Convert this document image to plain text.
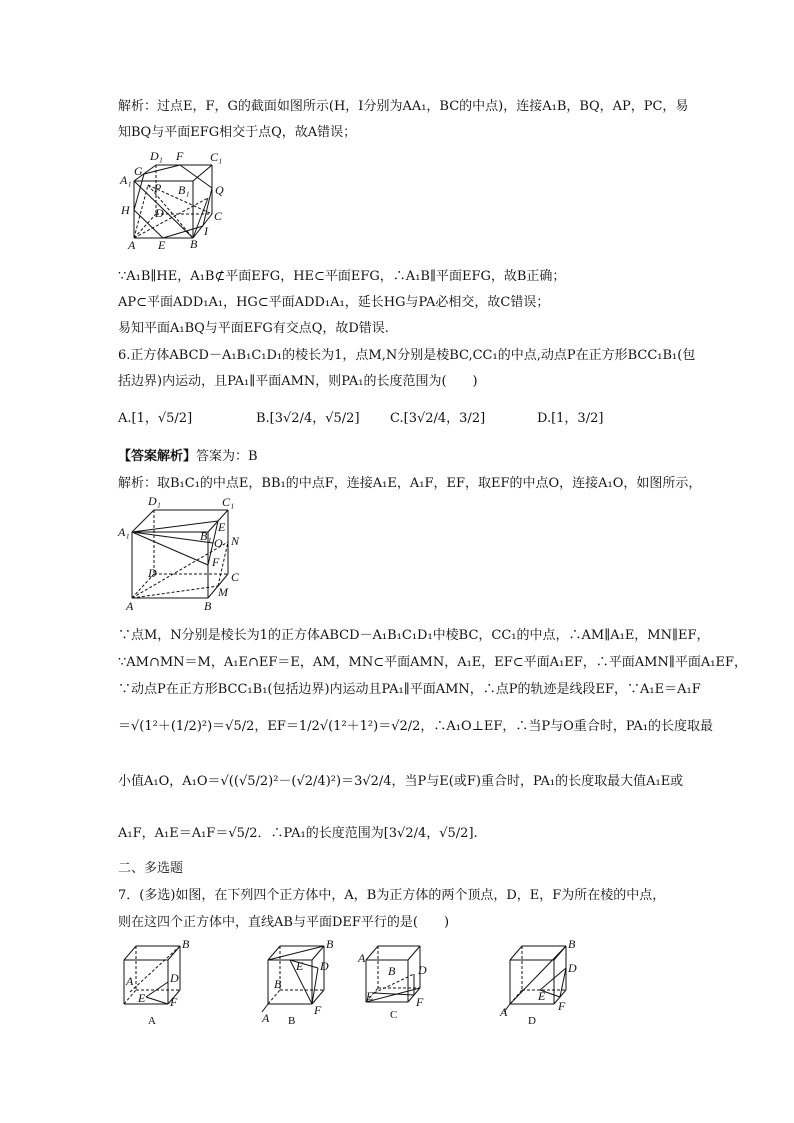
解析：过点E，F，G的截面如图所示(H，I分别为AA₁，BC的中点)，连接A₁B，BQ，AP，PC，易
知BQ与平面EFG相交于点Q，故A错误；
D₁ F C₁
A₁
G
P B₁ Q
H D	C
I
A E B
∵A₁B∥HE，A₁B⊄平面EFG，HE⊂平面EFG，∴A₁B∥平面EFG，故B正确；
AP⊂平面ADD₁A₁，HG⊂平面ADD₁A₁，延长HG与PA必相交，故C错误；
易知平面A₁BQ与平面EFG有交点Q，故D错误.
6.正方体ABCD－A₁B₁C₁D₁的棱长为1，点M,N分别是棱BC,CC₁的中点,动点P在正方形BCC₁B₁(包
括边界)内运动，且PA₁∥平面AMN，则PA₁的长度范围为(　　)
A.[1，√5/2]	B.[3√2/4，√5/2] C.[3√2/4，3/2]	D.[1，3/2]
【答案解析】答案为：B
解析：取B₁C₁的中点E，BB₁的中点F，连接A₁E，A₁F，EF，取EF的中点O，连接A₁O，如图所示，
D₁	C₁
A₁	E
B₁ O N
F
D	C
M
A	B
∵点M，N分别是棱长为1的正方体ABCD－A₁B₁C₁D₁中棱BC，CC₁的中点，∴AM∥A₁E，MN∥EF，
∵AM∩MN＝M，A₁E∩EF＝E，AM，MN⊂平面AMN，A₁E，EF⊂平面A₁EF，∴平面AMN∥平面A₁EF，
∵动点P在正方形BCC₁B₁(包括边界)内运动且PA₁∥平面AMN，∴点P的轨迹是线段EF，∵A₁E＝A₁F
＝√(1²＋(1/2)²)＝√5/2，EF＝1/2√(1²＋1²)＝√2/2，∴A₁O⊥EF，∴当P与O重合时，PA₁的长度取最
小值A₁O，A₁O＝√((√5/2)²－(√2/4)²)＝3√2/4，当P与E(或F)重合时，PA₁的长度取最大值A₁E或
A₁F，A₁E＝A₁F＝√5/2．∴PA₁的长度范围为[3√2/4，√5/2].
二、多选题
7．(多选)如图，在下列四个正方体中，A，B为正方体的两个顶点，D，E，F为所在棱的中点，
则在这四个正方体中，直线AB与平面DEF平行的是(　　)
B
A	D
E F
A
B
A
D
E
F
B
B
A
B D
E	F
C
B
A
D
E
F
D
